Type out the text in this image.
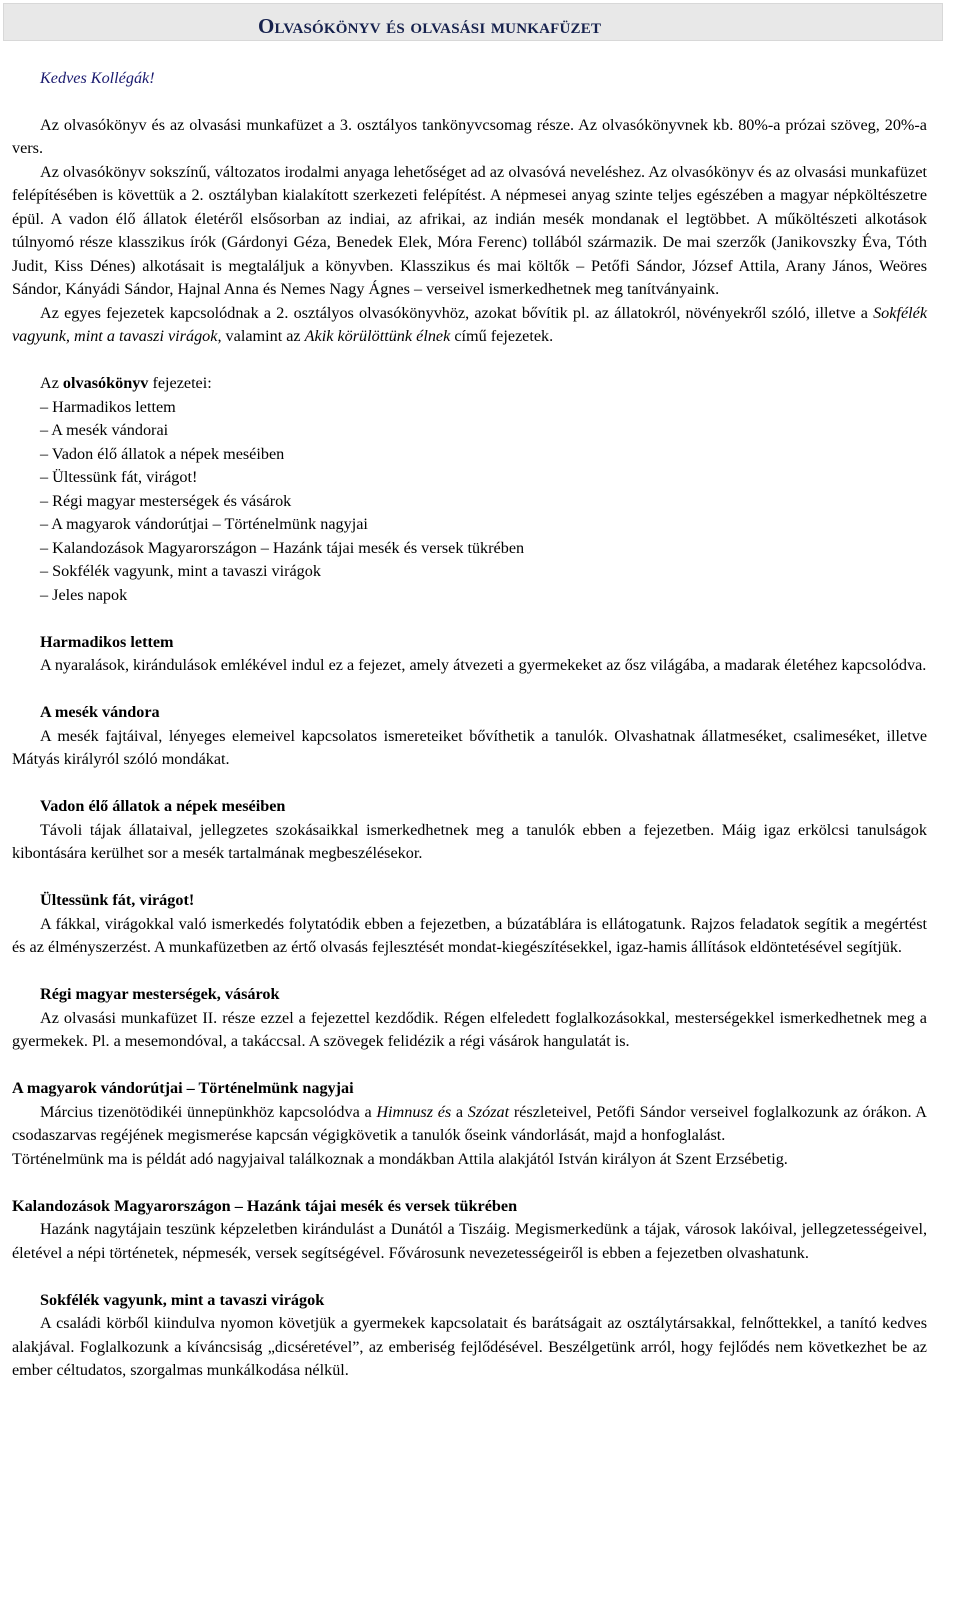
Olvasókönyv és olvasási munkafüzet

Kedves Kollégák!

Az olvasókönyv és az olvasási munkafüzet a 3. osztályos tankönyvcsomag része. Az olvasókönyvnek kb. 80%-a prózai szöveg, 20%-a vers.

Az olvasókönyv sokszínű, változatos irodalmi anyaga lehetőséget ad az olvasóvá neveléshez. Az olvasókönyv és az olvasási munkafüzet felépítésében is követtük a 2. osztályban kialakított szerkezeti felépítést. A népmesei anyag szinte teljes egészében a magyar népköltészetre épül. A vadon élő állatok életéről elsősorban az indiai, az afrikai, az indián mesék mondanak el legtöbbet. A műköltészeti alkotások túlnyomó része klasszikus írók (Gárdonyi Géza, Benedek Elek, Móra Ferenc) tollából származik. De mai szerzők (Janikovszky Éva, Tóth Judit, Kiss Dénes) alkotásait is megtaláljuk a könyvben. Klasszikus és mai költők – Petőfi Sándor, József Attila, Arany János, Weöres Sándor, Kányádi Sándor, Hajnal Anna és Nemes Nagy Ágnes – verseivel ismerkedhetnek meg tanítványaink.

Az egyes fejezetek kapcsolódnak a 2. osztályos olvasókönyvhöz, azokat bővítik pl. az állatokról, növényekről szóló, illetve a Sokfélék vagyunk, mint a tavaszi virágok, valamint az Akik körülöttünk élnek című fejezetek.

Az olvasókönyv fejezetei:

– Harmadikos lettem
– A mesék vándorai
– Vadon élő állatok a népek meséiben
– Ültessünk fát, virágot!
– Régi magyar mesterségek és vásárok
– A magyarok vándorútjai – Történelmünk nagyjai
– Kalandozások Magyarországon – Hazánk tájai mesék és versek tükrében
– Sokfélék vagyunk, mint a tavaszi virágok
– Jeles napok

Harmadikos lettem

A nyaralások, kirándulások emlékével indul ez a fejezet, amely átvezeti a gyermekeket az ősz világába, a madarak életéhez kapcsolódva.

A mesék vándora

A mesék fajtáival, lényeges elemeivel kapcsolatos ismereteiket bővíthetik a tanulók. Olvashatnak állatmeséket, csalimeséket, illetve Mátyás királyról szóló mondákat.

Vadon élő állatok a népek meséiben

Távoli tájak állataival, jellegzetes szokásaikkal ismerkedhetnek meg a tanulók ebben a fejezetben. Máig igaz erkölcsi tanulságok kibontására kerülhet sor a mesék tartalmának megbeszélésekor.

Ültessünk fát, virágot!

A fákkal, virágokkal való ismerkedés folytatódik ebben a fejezetben, a búzatáblára is ellátogatunk. Rajzos feladatok segítik a megértést és az élményszerzést. A munkafüzetben az értő olvasás fejlesztését mondat-kiegészítésekkel, igaz-hamis állítások eldöntetésével segítjük.

Régi magyar mesterségek, vásárok

Az olvasási munkafüzet II. része ezzel a fejezettel kezdődik. Régen elfeledett foglalkozásokkal, mesterségekkel ismerkedhetnek meg a gyermekek. Pl. a mesemondóval, a takáccsal. A szövegek felidézik a régi vásárok hangulatát is.

A magyarok vándorútjai – Történelmünk nagyjai

Március tizenötödikéi ünnepünkhöz kapcsolódva a Himnusz és a Szózat részleteivel, Petőfi Sándor verseivel foglalkozunk az órákon. A csodaszarvas regéjének megismerése kapcsán végigkövetik a tanulók őseink vándorlását, majd a honfoglalást.

Történelmünk ma is példát adó nagyjaival találkoznak a mondákban Attila alakjától István királyon át Szent Erzsébetig.

Kalandozások Magyarországon – Hazánk tájai mesék és versek tükrében

Hazánk nagytájain teszünk képzeletben kirándulást a Dunától a Tiszáig. Megismerkedünk a tájak, városok lakóival, jellegzetességeivel, életével a népi történetek, népmesék, versek segítségével. Fővárosunk nevezetességeiről is ebben a fejezetben olvashatunk.

Sokfélék vagyunk, mint a tavaszi virágok

A családi körből kiindulva nyomon követjük a gyermekek kapcsolatait és barátságait az osztálytársakkal, felnőttekkel, a tanító kedves alakjával. Foglalkozunk a kíváncsiság „dicséretével”, az emberiség fejlődésével. Beszélgetünk arról, hogy fejlődés nem következhet be az ember céltudatos, szorgalmas munkálkodása nélkül.
